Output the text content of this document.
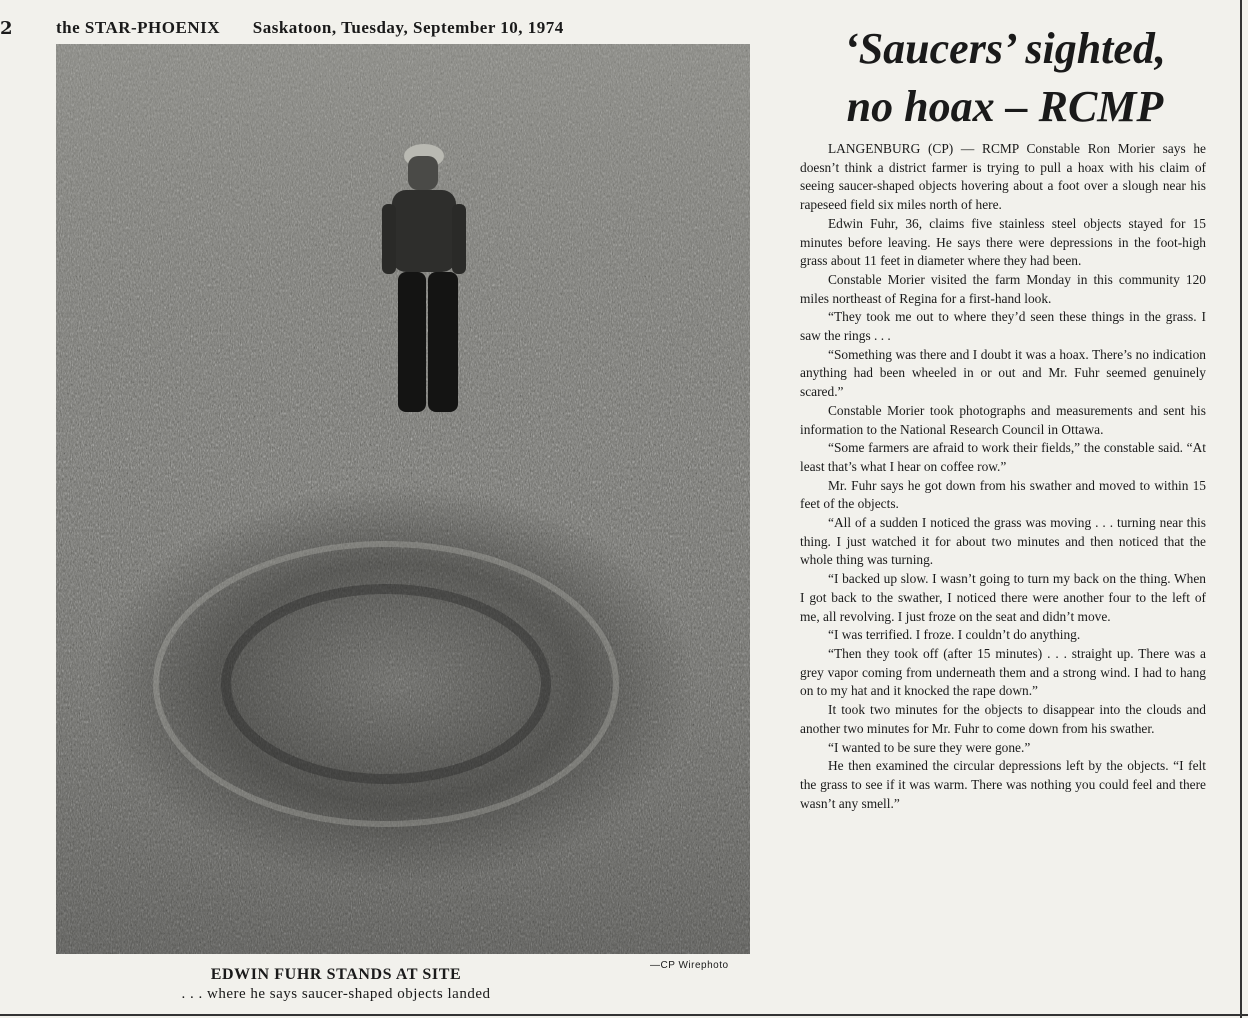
2	the STAR-PHOENIX Saskatoon, Tuesday, September 10, 1974
—CP Wirephoto
EDWIN FUHR STANDS AT SITE
. . . where he says saucer-shaped objects landed
‘Saucers’ sighted,
no hoax – RCMP

LANGENBURG (CP) — RCMP Constable Ron Morier says he doesn’t think a district farmer is trying to pull a hoax with his claim of seeing saucer-shaped objects hovering about a foot over a slough near his rapeseed field six miles north of here.

Edwin Fuhr, 36, claims five stainless steel objects stayed for 15 minutes before leaving. He says there were depressions in the foot-high grass about 11 feet in diameter where they had been.

Constable Morier visited the farm Monday in this community 120 miles northeast of Regina for a first-hand look.

“They took me out to where they’d seen these things in the grass. I saw the rings . . .

“Something was there and I doubt it was a hoax. There’s no indication anything had been wheeled in or out and Mr. Fuhr seemed genuinely scared.”

Constable Morier took photographs and measurements and sent his information to the National Research Council in Ottawa.

“Some farmers are afraid to work their fields,” the constable said. “At least that’s what I hear on coffee row.”

Mr. Fuhr says he got down from his swather and moved to within 15 feet of the objects.

“All of a sudden I noticed the grass was moving . . . turning near this thing. I just watched it for about two minutes and then noticed that the whole thing was turning.

“I backed up slow. I wasn’t going to turn my back on the thing. When I got back to the swather, I noticed there were another four to the left of me, all revolving. I just froze on the seat and didn’t move.

“I was terrified. I froze. I couldn’t do anything.

“Then they took off (after 15 minutes) . . . straight up. There was a grey vapor coming from underneath them and a strong wind. I had to hang on to my hat and it knocked the rape down.”

It took two minutes for the objects to disappear into the clouds and another two minutes for Mr. Fuhr to come down from his swather.

“I wanted to be sure they were gone.”

He then examined the circular depressions left by the objects. “I felt the grass to see if it was warm. There was nothing you could feel and there wasn’t any smell.”
